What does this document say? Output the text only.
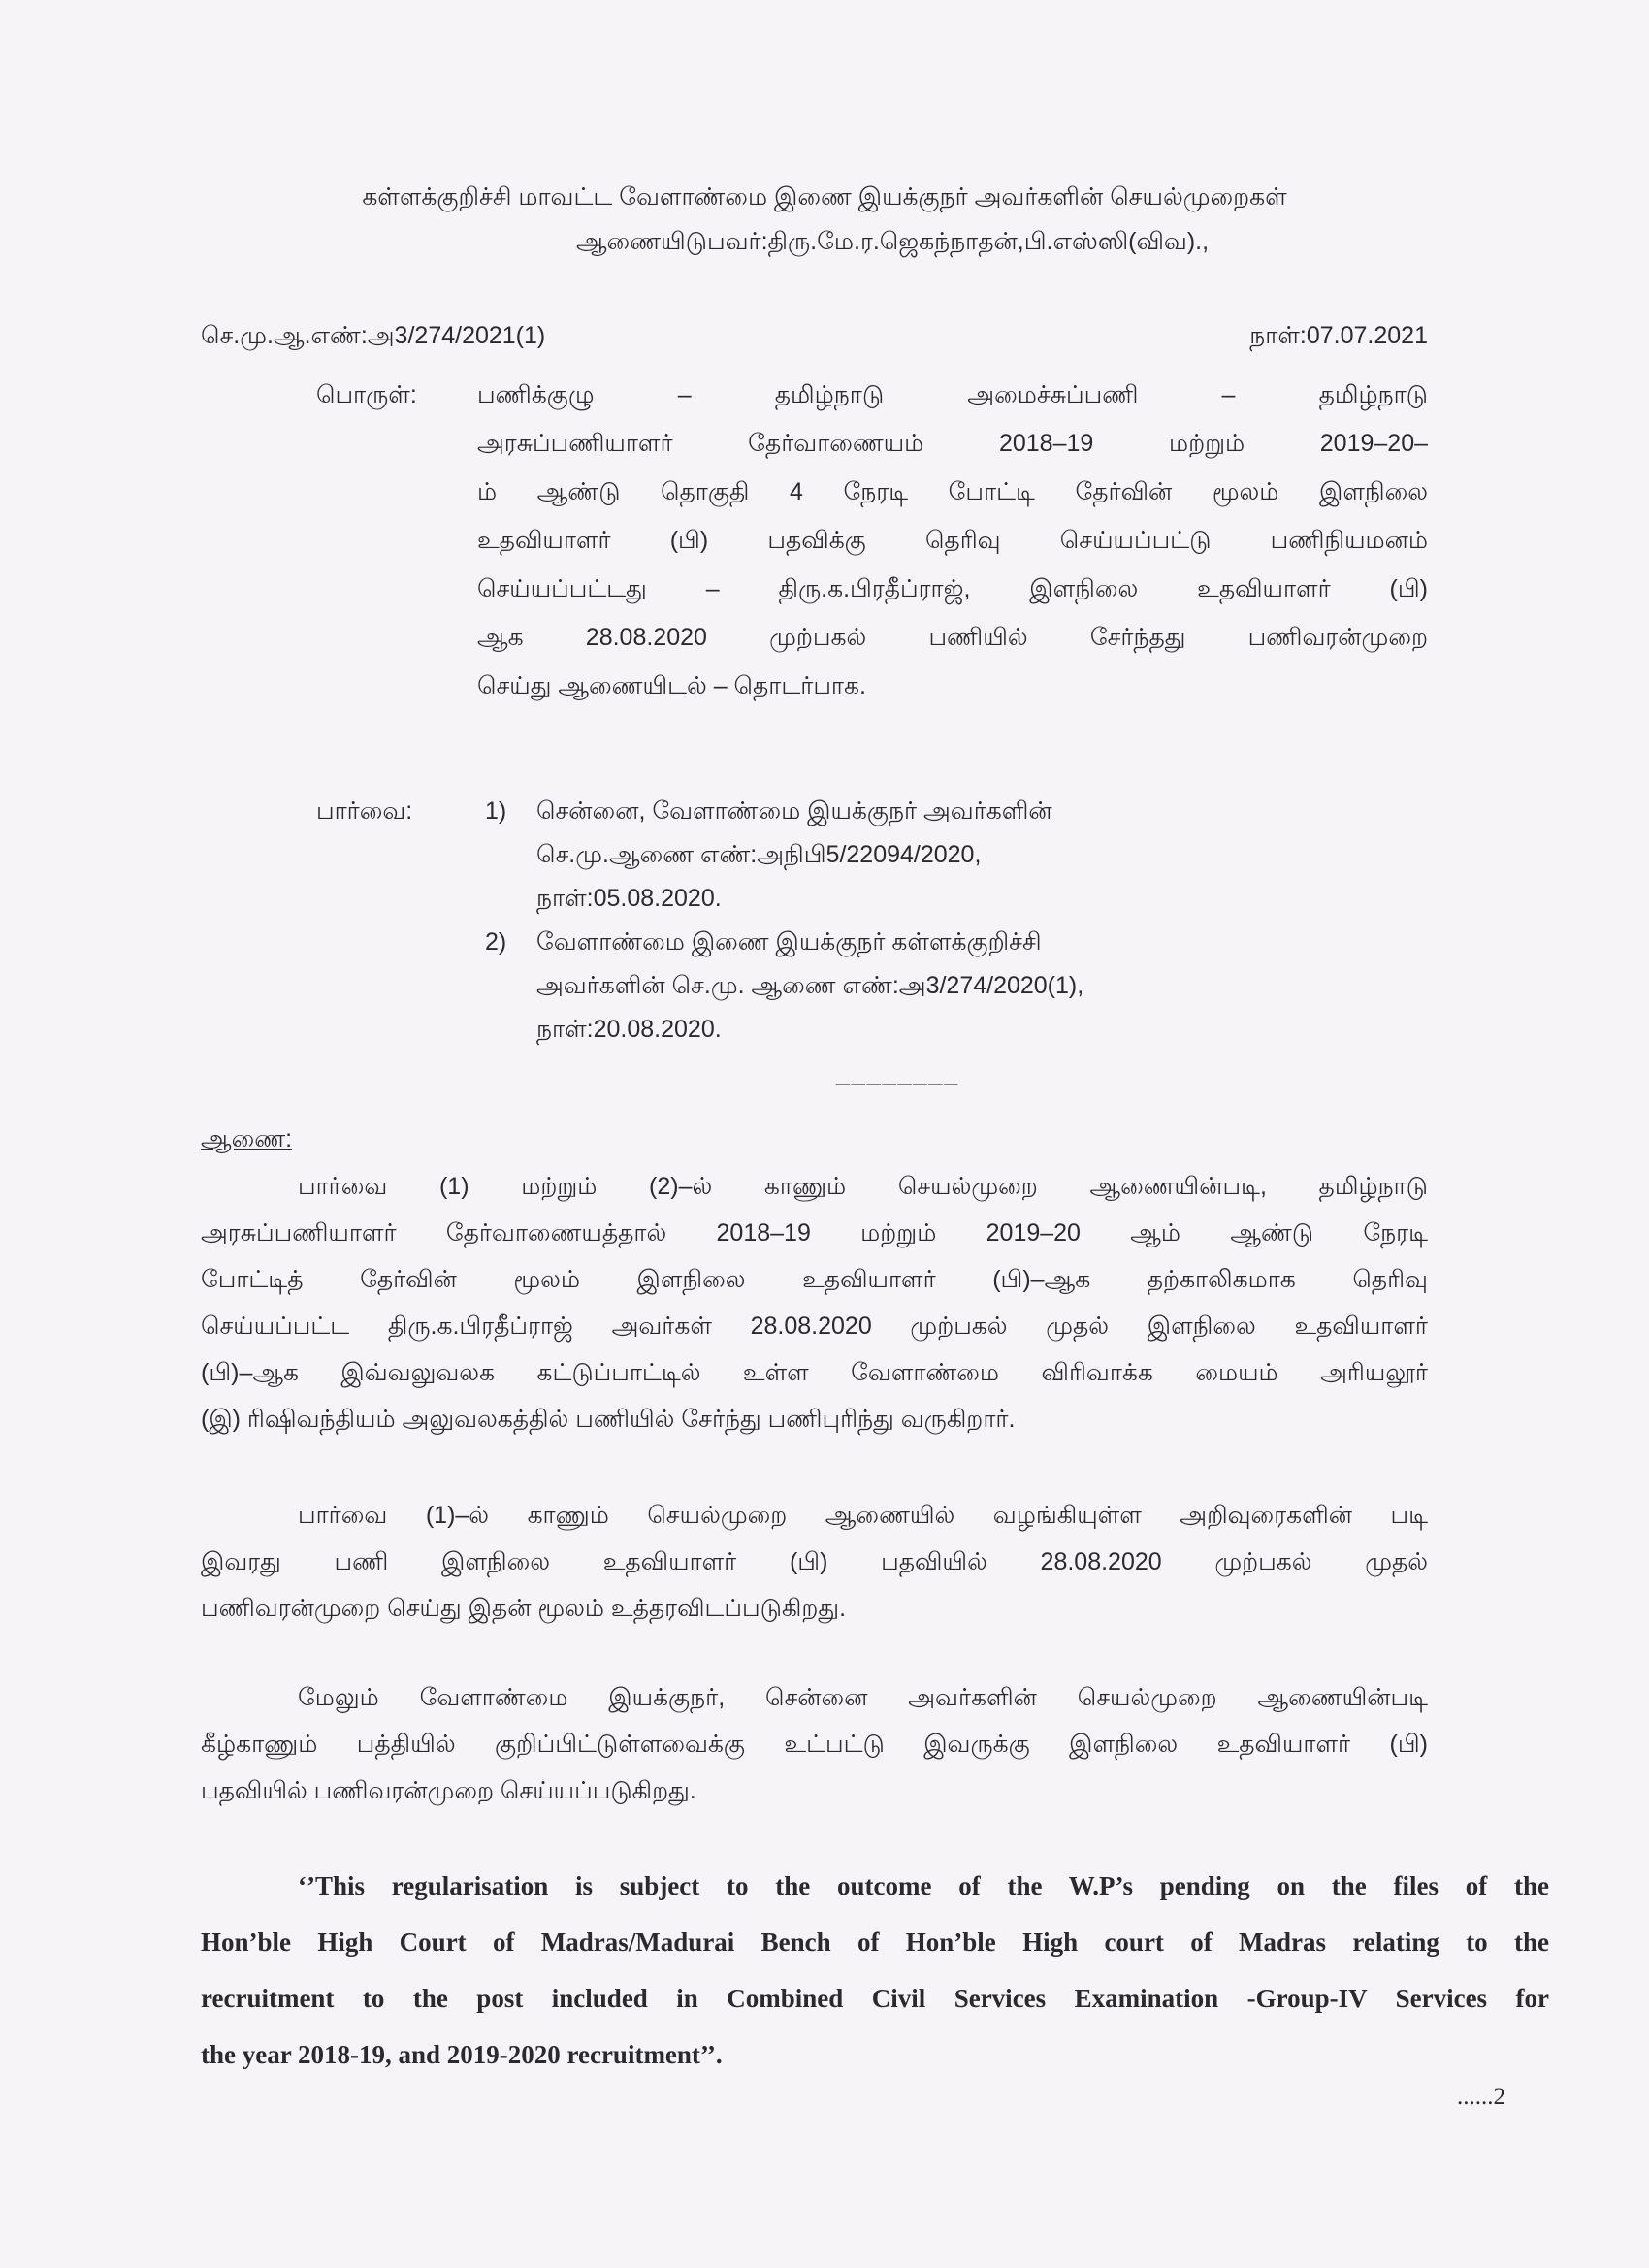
கள்ளக்குறிச்சி மாவட்ட வேளாண்மை இணை இயக்குநர் அவர்களின் செயல்முறைகள்
ஆணையிடுபவர்:திரு.மே.ர.ஜெகந்நாதன்,பி.எஸ்ஸி(விவ).,
செ.மு.ஆ.எண்:அ3/274/2021(1)	நாள்:07.07.2021
பொருள்: பணிக்குழு – தமிழ்நாடு அமைச்சுப்பணி – தமிழ்நாடு
அரசுப்பணியாளர் தேர்வாணையம் 2018–19 மற்றும் 2019–20–
ம் ஆண்டு தொகுதி 4 நேரடி போட்டி தேர்வின் மூலம் இளநிலை
உதவியாளர் (பி) பதவிக்கு தெரிவு செய்யப்பட்டு பணிநியமனம்
செய்யப்பட்டது – திரு.க.பிரதீப்ராஜ், இளநிலை உதவியாளர் (பி)
ஆக 28.08.2020 முற்பகல் பணியில் சேர்ந்தது பணிவரன்முறை
செய்து ஆணையிடல் – தொடர்பாக.
பார்வை:	1)	சென்னை, வேளாண்மை இயக்குநர் அவர்களின்
செ.மு.ஆணை எண்:அநிபி5/22094/2020,
நாள்:05.08.2020.
2)	வேளாண்மை இணை இயக்குநர் கள்ளக்குறிச்சி
அவர்களின் செ.மு. ஆணை எண்:அ3/274/2020(1),
நாள்:20.08.2020.
________
ஆணை:
பார்வை (1) மற்றும் (2)–ல் காணும் செயல்முறை ஆணையின்படி, தமிழ்நாடு
அரசுப்பணியாளர் தேர்வாணையத்தால் 2018–19 மற்றும் 2019–20 ஆம் ஆண்டு நேரடி
போட்டித் தேர்வின் மூலம் இளநிலை உதவியாளர் (பி)–ஆக தற்காலிகமாக தெரிவு
செய்யப்பட்ட திரு.க.பிரதீப்ராஜ் அவர்கள் 28.08.2020 முற்பகல் முதல் இளநிலை உதவியாளர்
(பி)–ஆக இவ்வலுவலக கட்டுப்பாட்டில் உள்ள வேளாண்மை விரிவாக்க மையம் அரியலூர்
(இ) ரிஷிவந்தியம் அலுவலகத்தில் பணியில் சேர்ந்து பணிபுரிந்து வருகிறார்.
பார்வை (1)–ல் காணும் செயல்முறை ஆணையில் வழங்கியுள்ள அறிவுரைகளின் படி
இவரது பணி இளநிலை உதவியாளர் (பி) பதவியில் 28.08.2020 முற்பகல் முதல்
பணிவரன்முறை செய்து இதன் மூலம் உத்தரவிடப்படுகிறது.
மேலும் வேளாண்மை இயக்குநர், சென்னை அவர்களின் செயல்முறை ஆணையின்படி
கீழ்காணும் பத்தியில் குறிப்பிட்டுள்ளவைக்கு உட்பட்டு இவருக்கு இளநிலை உதவியாளர் (பி)
பதவியில் பணிவரன்முறை செய்யப்படுகிறது.
‘’This regularisation is subject to the outcome of the W.P’s pending on the files of the
Hon’ble High Court of Madras/Madurai Bench of Hon’ble High court of Madras relating to the
recruitment to the post included in Combined Civil Services Examination -Group-IV Services for
the year 2018-19, and 2019-2020 recruitment’’.
......2
